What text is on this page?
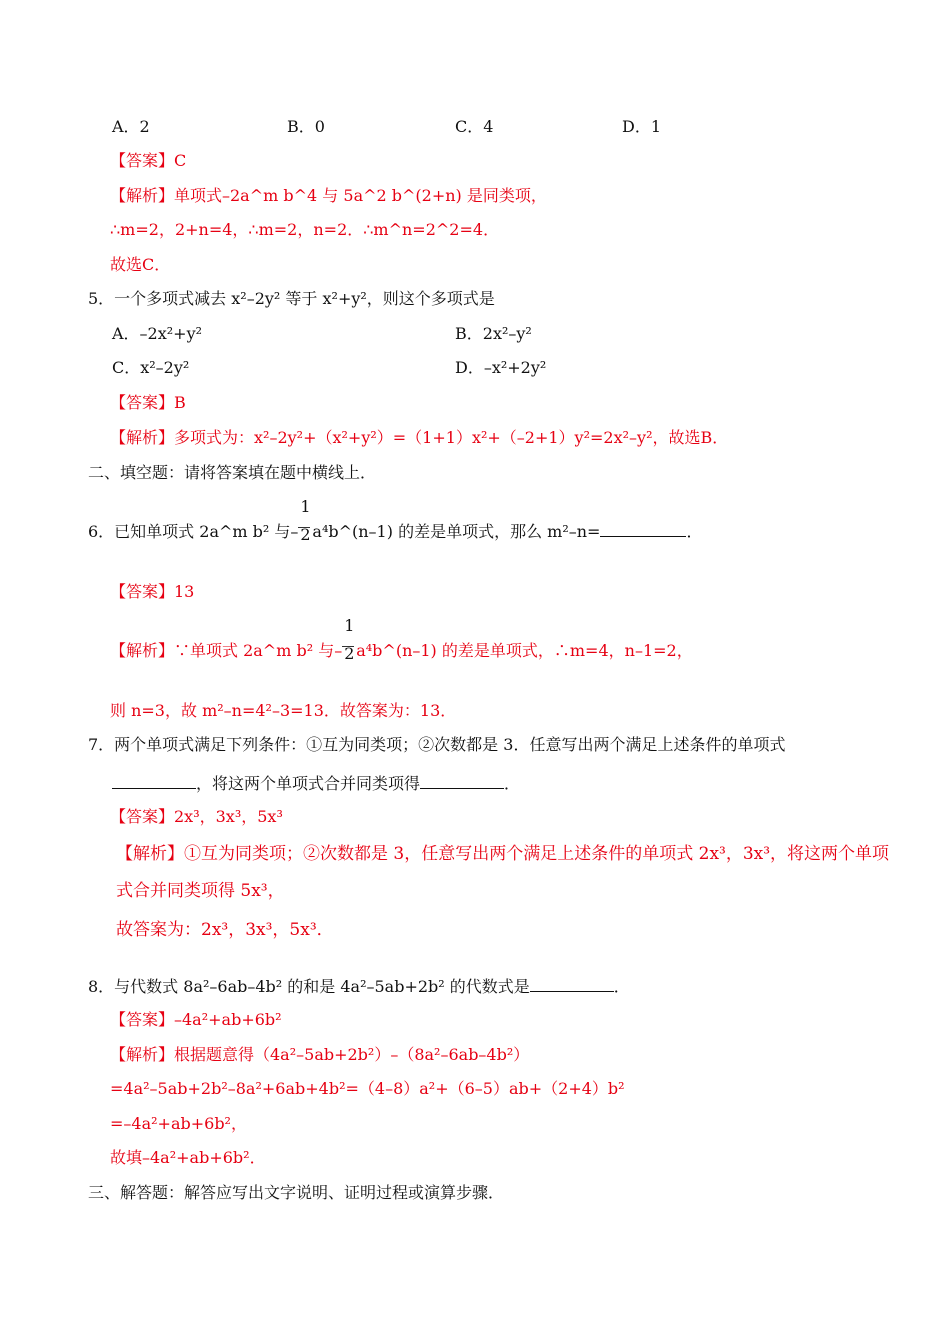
A．2	B．0	C．4	D．1
【答案】C
【解析】单项式–2a^m b^4 与 5a^2 b^(2+n) 是同类项，
∴m=2，2+n=4，∴m=2，n=2．∴m^n=2^2=4．
故选C．
5．一个多项式减去 x²–2y² 等于 x²+y²，则这个多项式是
A．–2x²+y²	B．2x²–y²
C．x²–2y²	D．–x²+2y²
【答案】B
【解析】多项式为：x²–2y²+（x²+y²）=（1+1）x²+（–2+1）y²=2x²–y²，故选B．
二、填空题：请将答案填在题中横线上．
6．已知单项式 2a^m b² 与– $\frac{1}{2}$ a⁴b^(n–1) 的差是单项式，那么 m²–n=	．
【答案】13
【解析】∵单项式 2a^m b² 与– $\frac{1}{2}$ a⁴b^(n–1) 的差是单项式，∴m=4，n–1=2，
则 n=3，故 m²–n=4²–3=13．故答案为：13．
7．两个单项式满足下列条件：①互为同类项；②次数都是 3．任意写出两个满足上述条件的单项式
，将这两个单项式合并同类项得	．
【答案】2x³，3x³，5x³
【解析】①互为同类项；②次数都是 3，任意写出两个满足上述条件的单项式 2x³，3x³，将这两个单项
式合并同类项得 5x³，
故答案为：2x³，3x³，5x³．
8．与代数式 8a²–6ab–4b² 的和是 4a²–5ab+2b² 的代数式是	．
【答案】–4a²+ab+6b²
【解析】根据题意得（4a²–5ab+2b²）–（8a²–6ab–4b²）
=4a²–5ab+2b²–8a²+6ab+4b²=（4–8）a²+（6–5）ab+（2+4）b²
=–4a²+ab+6b²，
故填–4a²+ab+6b²．
三、解答题：解答应写出文字说明、证明过程或演算步骤．
